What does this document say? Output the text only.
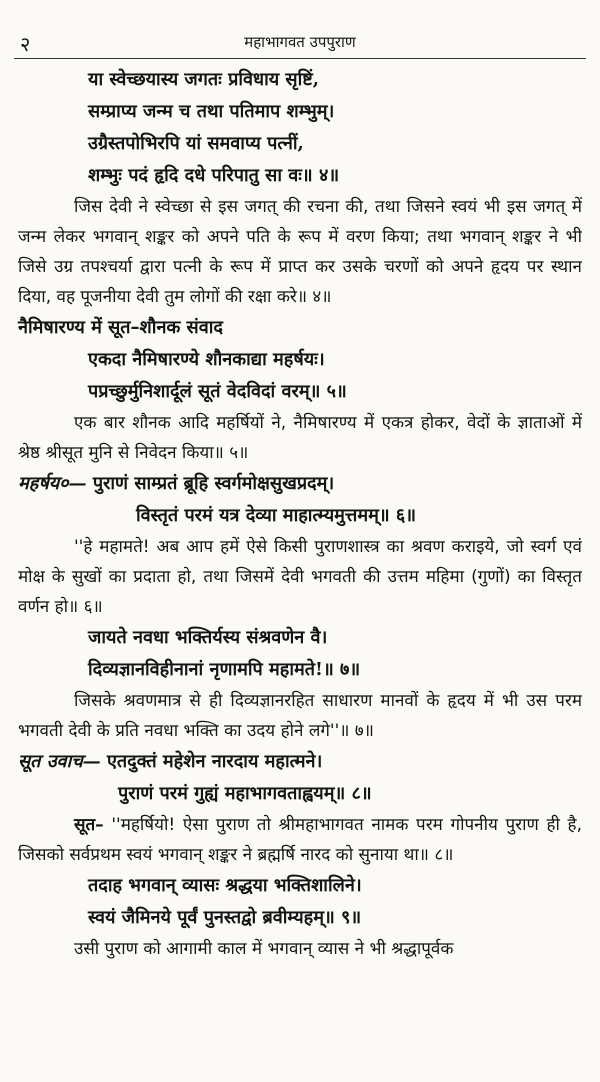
२	महाभागवत उपपुराण

या स्वेच्छयास्य जगतः प्रविधाय सृष्टिं,

सम्प्राप्य जन्म च तथा पतिमाप शम्भुम्।

उग्रैस्तपोभिरपि यां समवाप्य पत्नीं,

शम्भुः पदं हृदि दधे परिपातु सा वः॥ ४॥

जिस देवी ने स्वेच्छा से इस जगत् की रचना की, तथा जिसने स्वयं भी इस जगत् में जन्म लेकर भगवान् शङ्कर को अपने पति के रूप में वरण किया; तथा भगवान् शङ्कर ने भी जिसे उग्र तपश्चर्या द्वारा पत्नी के रूप में प्राप्त कर उसके चरणों को अपने हृदय पर स्थान दिया, वह पूजनीया देवी तुम लोगों की रक्षा करे॥ ४॥

नैमिषारण्य में सूत–शौनक संवाद

एकदा नैमिषारण्ये शौनकाद्या महर्षयः।

पप्रच्छुर्मुनिशार्दूलं सूतं वेदविदां वरम्॥ ५॥

एक बार शौनक आदि महर्षियों ने, नैमिषारण्य में एकत्र होकर, वेदों के ज्ञाताओं में श्रेष्ठ श्रीसूत मुनि से निवेदन किया॥ ५॥

महर्षय०— पुराणं साम्प्रतं ब्रूहि स्वर्गमोक्षसुखप्रदम्।

विस्तृतं परमं यत्र देव्या माहात्म्यमुत्तमम्॥ ६॥

''हे महामते! अब आप हमें ऐसे किसी पुराणशास्त्र का श्रवण कराइये, जो स्वर्ग एवं मोक्ष के सुखों का प्रदाता हो, तथा जिसमें देवी भगवती की उत्तम महिमा (गुणों) का विस्तृत वर्णन हो॥ ६॥

जायते नवधा भक्तिर्यस्य संश्रवणेन वै।

दिव्यज्ञानविहीनानां नृणामपि महामते!॥ ७॥

जिसके श्रवणमात्र से ही दिव्यज्ञानरहित साधारण मानवों के हृदय में भी उस परम भगवती देवी के प्रति नवधा भक्ति का उदय होने लगे''॥ ७॥

सूत उवाच— एतदुक्तं महेशेन नारदाय महात्मने।

पुराणं परमं गुह्यं महाभागवताह्वयम्॥ ८॥

सूत– ''महर्षियो! ऐसा पुराण तो श्रीमहाभागवत नामक परम गोपनीय पुराण ही है, जिसको सर्वप्रथम स्वयं भगवान् शङ्कर ने ब्रह्मर्षि नारद को सुनाया था॥ ८॥

तदाह भगवान् व्यासः श्रद्धया भक्तिशालिने।

स्वयं जैमिनये पूर्वं पुनस्तद्वो ब्रवीम्यहम्॥ ९॥

उसी पुराण को आगामी काल में भगवान् व्यास ने भी श्रद्धापूर्वक
